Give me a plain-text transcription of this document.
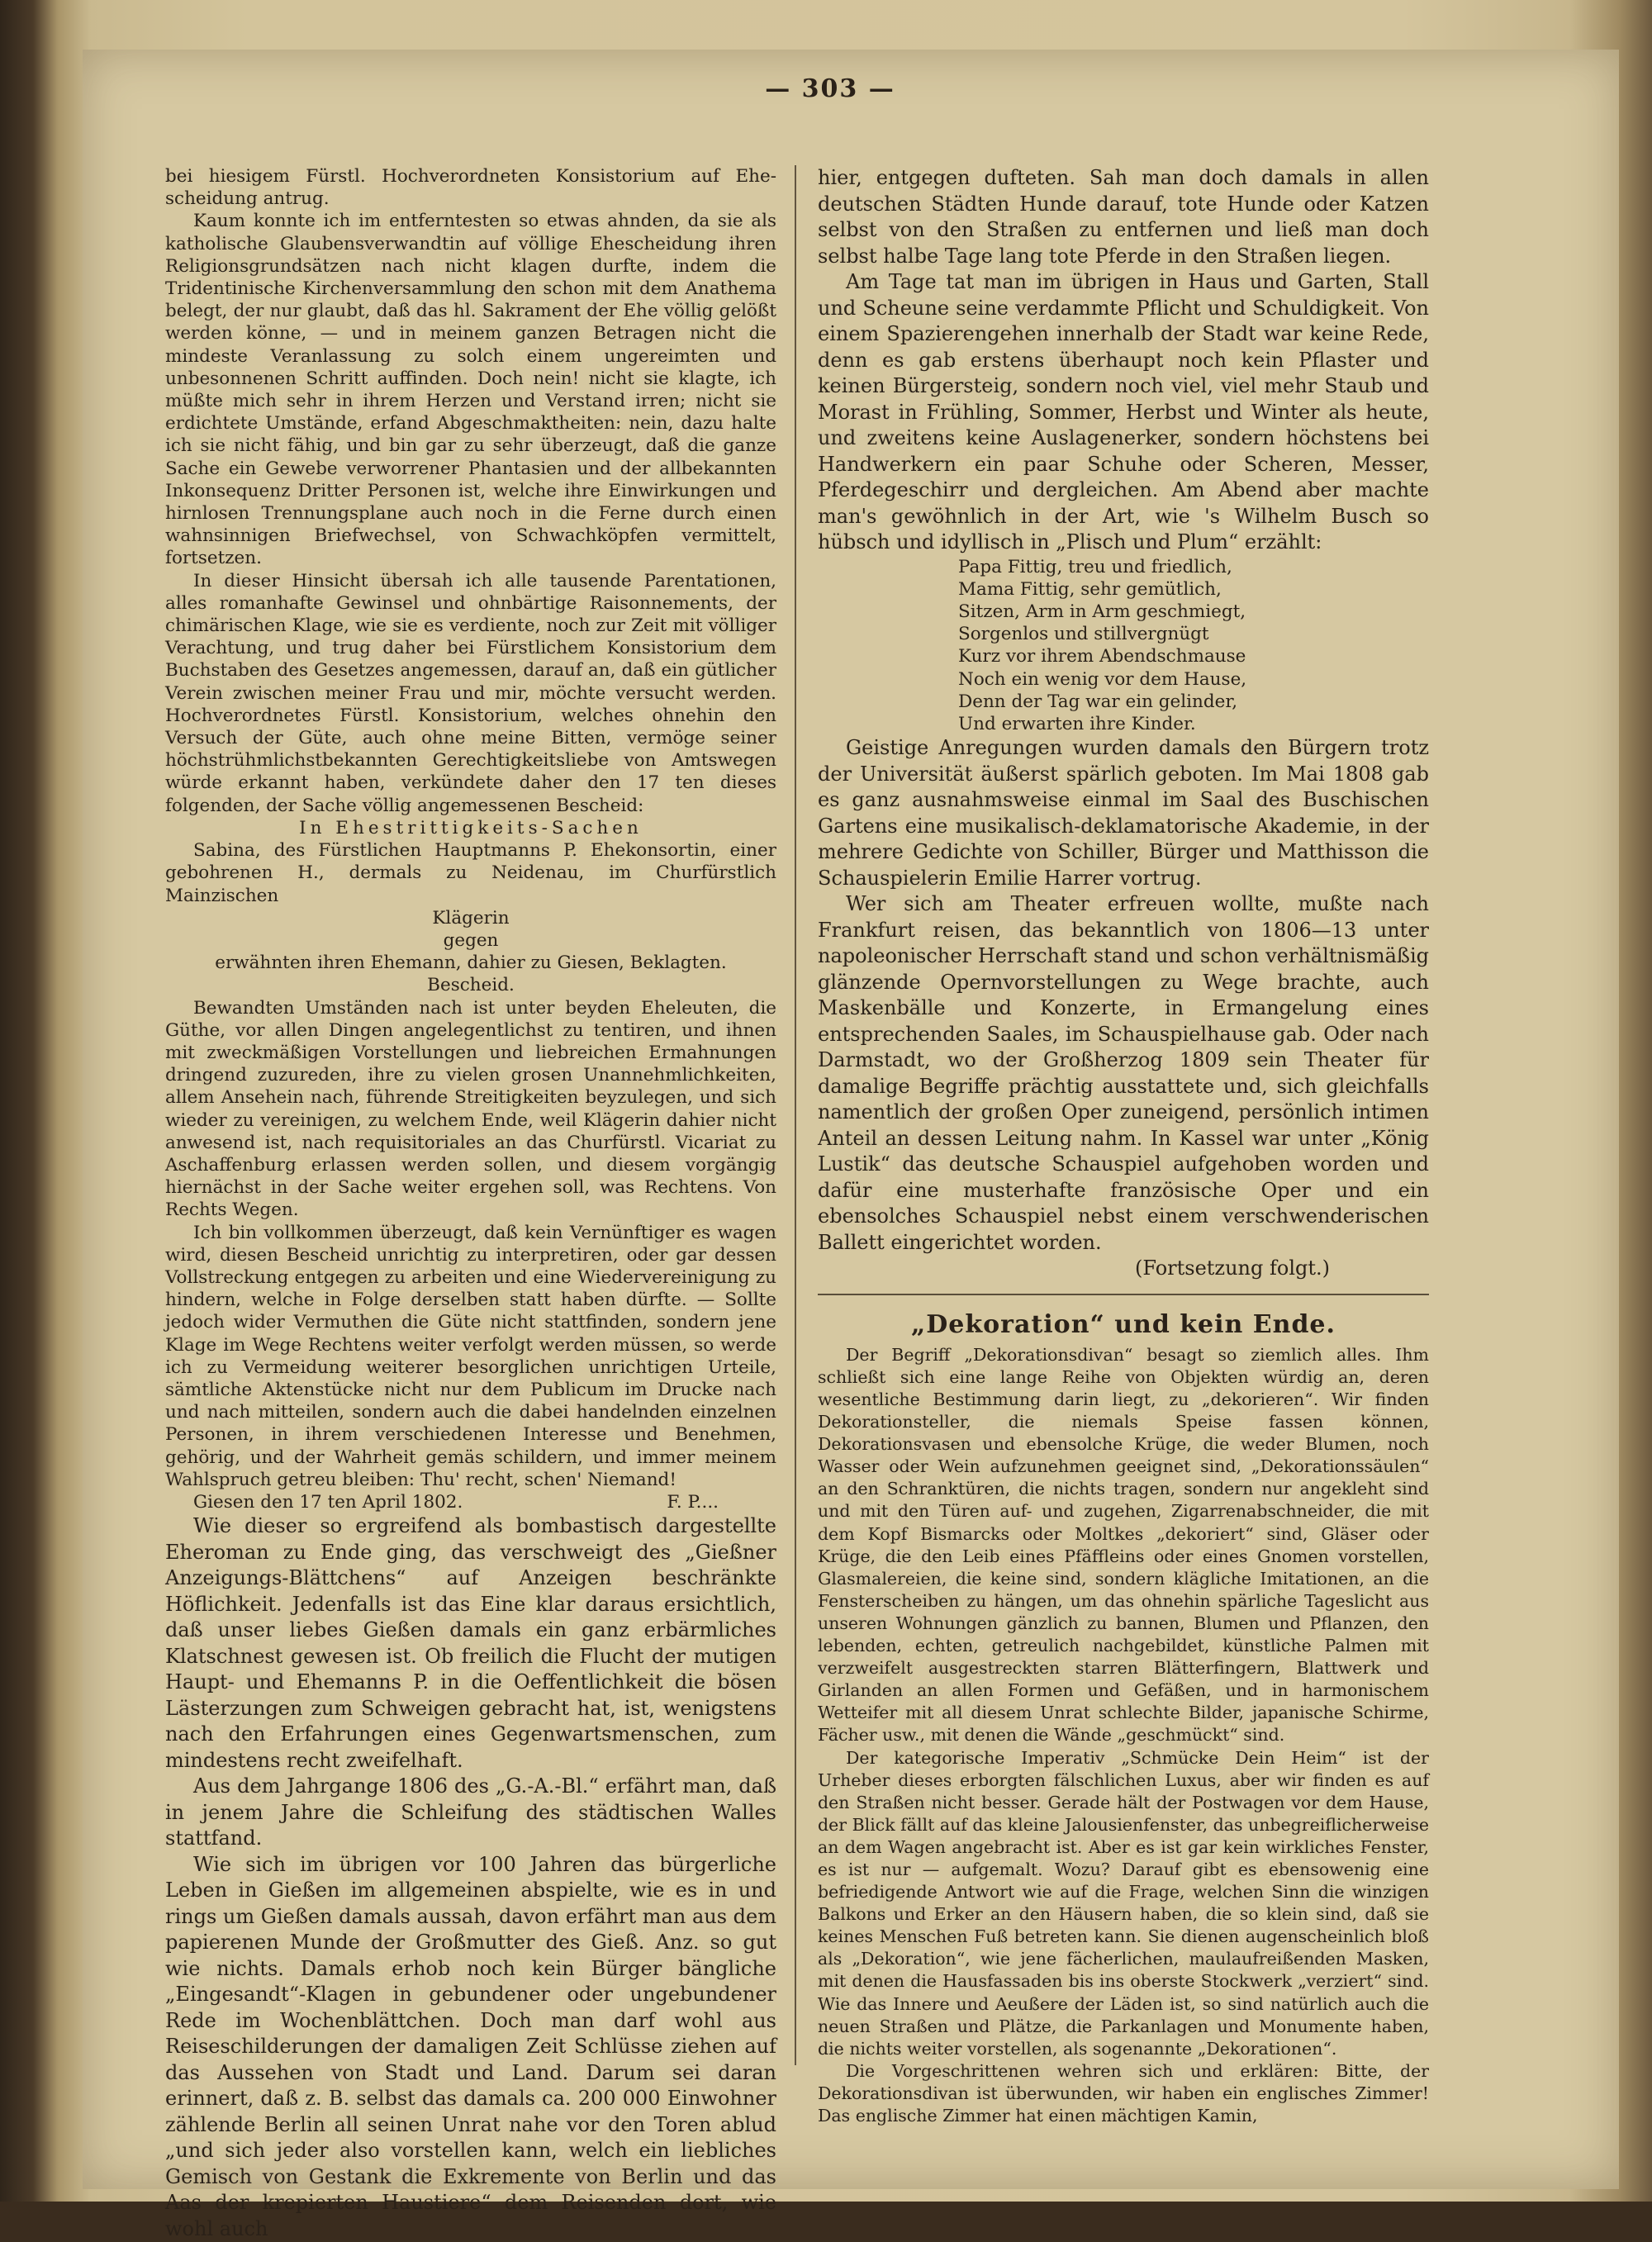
— 303 —

bei hiesigem Fürstl. Hochverordneten Konsistorium auf Ehe-scheidung antrug.

Kaum konnte ich im entferntesten so etwas ahnden, da sie als katholische Glaubensverwandtin auf völlige Ehescheidung ihren Religionsgrundsätzen nach nicht klagen durfte, indem die Tridentinische Kirchenversammlung den schon mit dem Anathema belegt, der nur glaubt, daß das hl. Sakrament der Ehe völlig gelößt werden könne, — und in meinem ganzen Betragen nicht die mindeste Veranlassung zu solch einem ungereimten und unbesonnenen Schritt auffinden. Doch nein! nicht sie klagte, ich müßte mich sehr in ihrem Herzen und Verstand irren; nicht sie erdichtete Umstände, erfand Abgeschmaktheiten: nein, dazu halte ich sie nicht fähig, und bin gar zu sehr überzeugt, daß die ganze Sache ein Gewebe verworrener Phantasien und der allbekannten Inkonsequenz Dritter Personen ist, welche ihre Einwirkungen und hirnlosen Trennungsplane auch noch in die Ferne durch einen wahnsinnigen Briefwechsel, von Schwachköpfen vermittelt, fortsetzen.

In dieser Hinsicht übersah ich alle tausende Parentationen, alles romanhafte Gewinsel und ohnbärtige Raisonnements, der chimärischen Klage, wie sie es verdiente, noch zur Zeit mit völliger Verachtung, und trug daher bei Fürstlichem Konsistorium dem Buchstaben des Gesetzes angemessen, darauf an, daß ein gütlicher Verein zwischen meiner Frau und mir, möchte versucht werden. Hochverordnetes Fürstl. Konsistorium, welches ohnehin den Versuch der Güte, auch ohne meine Bitten, vermöge seiner höchstrühmlichstbekannten Gerechtigkeitsliebe von Amtswegen würde erkannt haben, verkündete daher den 17 ten dieses folgenden, der Sache völlig angemessenen Bescheid:

In Ehestrittigkeits-Sachen

Sabina, des Fürstlichen Hauptmanns P. Ehekonsortin, einer gebohrenen H., dermals zu Neidenau, im Churfürstlich Mainzischen

Klägerin

gegen

erwähnten ihren Ehemann, dahier zu Giesen, Beklagten.

Bescheid.

Bewandten Umständen nach ist unter beyden Eheleuten, die Güthe, vor allen Dingen angelegentlichst zu tentiren, und ihnen mit zweckmäßigen Vorstellungen und liebreichen Ermahnungen dringend zuzureden, ihre zu vielen grosen Unannehmlichkeiten, allem Ansehein nach, führende Streitigkeiten beyzulegen, und sich wieder zu vereinigen, zu welchem Ende, weil Klägerin dahier nicht anwesend ist, nach requisitoriales an das Churfürstl. Vicariat zu Aschaffenburg erlassen werden sollen, und diesem vorgängig hiernächst in der Sache weiter ergehen soll, was Rechtens. Von Rechts Wegen.

Ich bin vollkommen überzeugt, daß kein Vernünftiger es wagen wird, diesen Bescheid unrichtig zu interpretiren, oder gar dessen Vollstreckung entgegen zu arbeiten und eine Wiedervereinigung zu hindern, welche in Folge derselben statt haben dürfte. — Sollte jedoch wider Vermuthen die Güte nicht stattfinden, sondern jene Klage im Wege Rechtens weiter verfolgt werden müssen, so werde ich zu Vermeidung weiterer besorglichen unrichtigen Urteile, sämtliche Aktenstücke nicht nur dem Publicum im Drucke nach und nach mitteilen, sondern auch die dabei handelnden einzelnen Personen, in ihrem verschiedenen Interesse und Benehmen, gehörig, und der Wahrheit gemäs schildern, und immer meinem Wahlspruch getreu bleiben: Thu' recht, schen' Niemand!

Giesen den 17 ten April 1802.	F. P....

Wie dieser so ergreifend als bombastisch dargestellte Eheroman zu Ende ging, das verschweigt des „Gießner Anzeigungs-Blättchens“ auf Anzeigen beschränkte Höflichkeit. Jedenfalls ist das Eine klar daraus ersichtlich, daß unser liebes Gießen damals ein ganz erbärmliches Klatschnest gewesen ist. Ob freilich die Flucht der mutigen Haupt- und Ehemanns P. in die Oeffentlichkeit die bösen Lästerzungen zum Schweigen gebracht hat, ist, wenigstens nach den Erfahrungen eines Gegenwartsmenschen, zum mindestens recht zweifelhaft.

Aus dem Jahrgange 1806 des „G.-A.-Bl.“ erfährt man, daß in jenem Jahre die Schleifung des städtischen Walles stattfand.

Wie sich im übrigen vor 100 Jahren das bürgerliche Leben in Gießen im allgemeinen abspielte, wie es in und rings um Gießen damals aussah, davon erfährt man aus dem papierenen Munde der Großmutter des Gieß. Anz. so gut wie nichts. Damals erhob noch kein Bürger bängliche „Eingesandt“-Klagen in gebundener oder ungebundener Rede im Wochenblättchen. Doch man darf wohl aus Reiseschilderungen der damaligen Zeit Schlüsse ziehen auf das Aussehen von Stadt und Land. Darum sei daran erinnert, daß z. B. selbst das damals ca. 200 000 Einwohner zählende Berlin all seinen Unrat nahe vor den Toren ablud „und sich jeder also vorstellen kann, welch ein liebliches Gemisch von Gestank die Exkremente von Berlin und das Aas der krepierten Haustiere“ dem Reisenden dort, wie wohl auch

hier, entgegen dufteten. Sah man doch damals in allen deutschen Städten Hunde darauf, tote Hunde oder Katzen selbst von den Straßen zu entfernen und ließ man doch selbst halbe Tage lang tote Pferde in den Straßen liegen.

Am Tage tat man im übrigen in Haus und Garten, Stall und Scheune seine verdammte Pflicht und Schuldigkeit. Von einem Spazierengehen innerhalb der Stadt war keine Rede, denn es gab erstens überhaupt noch kein Pflaster und keinen Bürgersteig, sondern noch viel, viel mehr Staub und Morast in Frühling, Sommer, Herbst und Winter als heute, und zweitens keine Auslagenerker, sondern höchstens bei Handwerkern ein paar Schuhe oder Scheren, Messer, Pferdegeschirr und dergleichen. Am Abend aber machte man's gewöhnlich in der Art, wie 's Wilhelm Busch so hübsch und idyllisch in „Plisch und Plum“ erzählt:

Papa Fittig, treu und friedlich,
Mama Fittig, sehr gemütlich,
Sitzen, Arm in Arm geschmiegt,
Sorgenlos und stillvergnügt
Kurz vor ihrem Abendschmause
Noch ein wenig vor dem Hause,
Denn der Tag war ein gelinder,
Und erwarten ihre Kinder.

Geistige Anregungen wurden damals den Bürgern trotz der Universität äußerst spärlich geboten. Im Mai 1808 gab es ganz ausnahmsweise einmal im Saal des Buschischen Gartens eine musikalisch-deklamatorische Akademie, in der mehrere Gedichte von Schiller, Bürger und Matthisson die Schauspielerin Emilie Harrer vortrug.

Wer sich am Theater erfreuen wollte, mußte nach Frankfurt reisen, das bekanntlich von 1806—13 unter napoleonischer Herrschaft stand und schon verhältnismäßig glänzende Opernvorstellungen zu Wege brachte, auch Maskenbälle und Konzerte, in Ermangelung eines entsprechenden Saales, im Schauspielhause gab. Oder nach Darmstadt, wo der Großherzog 1809 sein Theater für damalige Begriffe prächtig ausstattete und, sich gleichfalls namentlich der großen Oper zuneigend, persönlich intimen Anteil an dessen Leitung nahm. In Kassel war unter „König Lustik“ das deutsche Schauspiel aufgehoben worden und dafür eine musterhafte französische Oper und ein ebensolches Schauspiel nebst einem verschwenderischen Ballett eingerichtet worden.

(Fortsetzung folgt.)

„Dekoration“ und kein Ende.

Der Begriff „Dekorationsdivan“ besagt so ziemlich alles. Ihm schließt sich eine lange Reihe von Objekten würdig an, deren wesentliche Bestimmung darin liegt, zu „dekorieren“. Wir finden Dekorationsteller, die niemals Speise fassen können, Dekorationsvasen und ebensolche Krüge, die weder Blumen, noch Wasser oder Wein aufzunehmen geeignet sind, „Dekorationssäulen“ an den Schranktüren, die nichts tragen, sondern nur angekleht sind und mit den Türen auf- und zugehen, Zigarrenabschneider, die mit dem Kopf Bismarcks oder Moltkes „dekoriert“ sind, Gläser oder Krüge, die den Leib eines Pfäffleins oder eines Gnomen vorstellen, Glasmalereien, die keine sind, sondern klägliche Imitationen, an die Fensterscheiben zu hängen, um das ohnehin spärliche Tageslicht aus unseren Wohnungen gänzlich zu bannen, Blumen und Pflanzen, den lebenden, echten, getreulich nachgebildet, künstliche Palmen mit verzweifelt ausgestreckten starren Blätterfingern, Blattwerk und Girlanden an allen Formen und Gefäßen, und in harmonischem Wetteifer mit all diesem Unrat schlechte Bilder, japanische Schirme, Fächer usw., mit denen die Wände „geschmückt“ sind.

Der kategorische Imperativ „Schmücke Dein Heim“ ist der Urheber dieses erborgten fälschlichen Luxus, aber wir finden es auf den Straßen nicht besser. Gerade hält der Postwagen vor dem Hause, der Blick fällt auf das kleine Jalousienfenster, das unbegreiflicherweise an dem Wagen angebracht ist. Aber es ist gar kein wirkliches Fenster, es ist nur — aufgemalt. Wozu? Darauf gibt es ebensowenig eine befriedigende Antwort wie auf die Frage, welchen Sinn die winzigen Balkons und Erker an den Häusern haben, die so klein sind, daß sie keines Menschen Fuß betreten kann. Sie dienen augenscheinlich bloß als „Dekoration“, wie jene fächerlichen, maulaufreißenden Masken, mit denen die Hausfassaden bis ins oberste Stockwerk „verziert“ sind. Wie das Innere und Aeußere der Läden ist, so sind natürlich auch die neuen Straßen und Plätze, die Parkanlagen und Monumente haben, die nichts weiter vorstellen, als sogenannte „Dekorationen“.

Die Vorgeschrittenen wehren sich und erklären: Bitte, der Dekorationsdivan ist überwunden, wir haben ein englisches Zimmer! Das englische Zimmer hat einen mächtigen Kamin,
